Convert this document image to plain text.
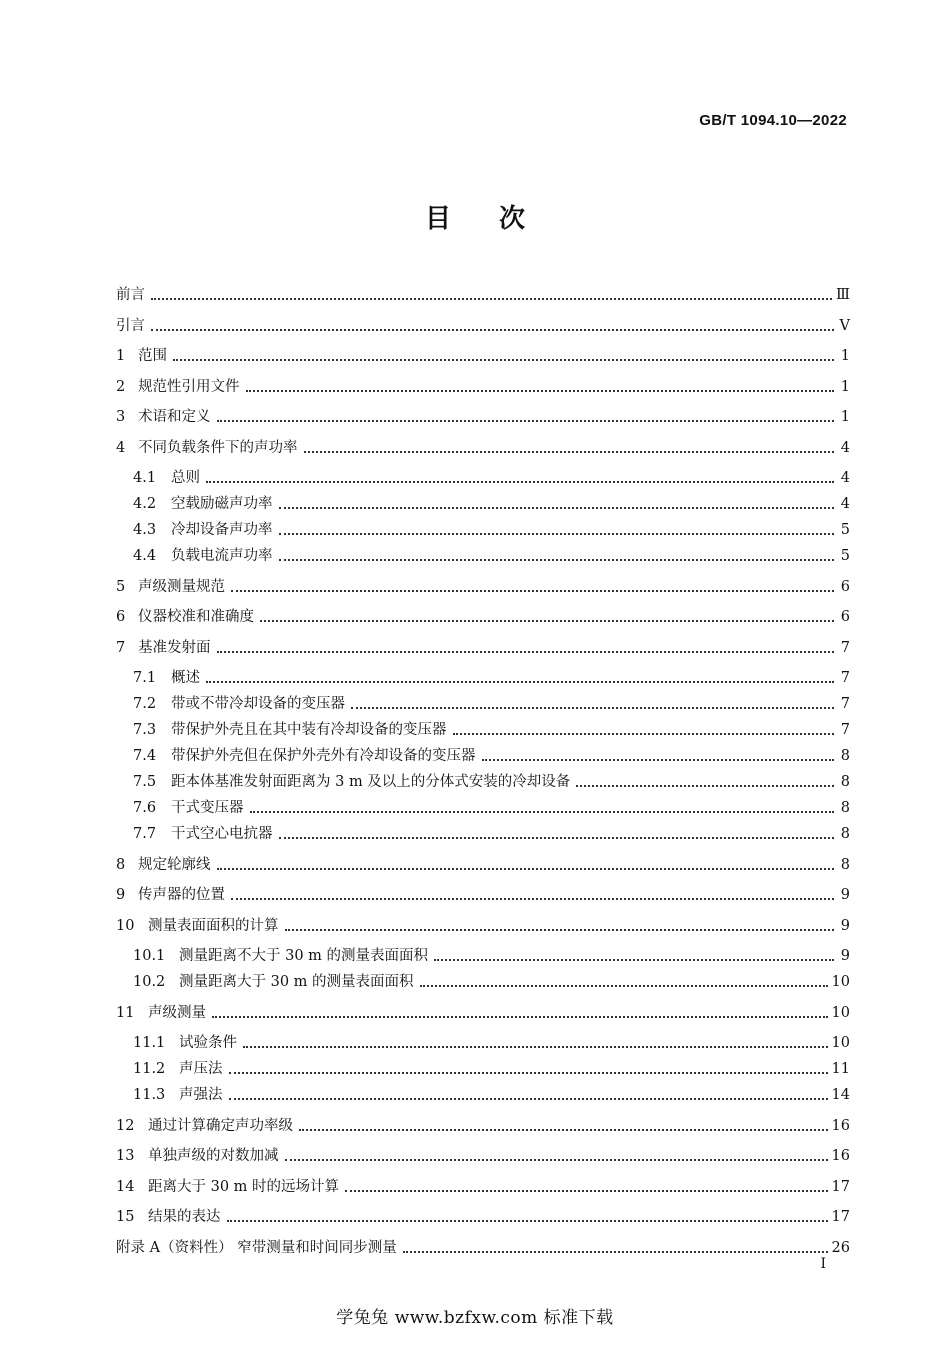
GB/T 1094.10—2022
目次
前言	Ⅲ
引言	Ⅴ
1 范围	1
2 规范性引用文件	1
3 术语和定义	1
4 不同负载条件下的声功率	4
4.1	总则	4
4.2	空载励磁声功率	4
4.3	冷却设备声功率	5
4.4	负载电流声功率	5
5 声级测量规范	6
6 仪器校准和准确度	6
7 基准发射面	7
7.1	概述	7
7.2	带或不带冷却设备的变压器	7
7.3	带保护外壳且在其中装有冷却设备的变压器	7
7.4	带保护外壳但在保护外壳外有冷却设备的变压器	8
7.5	距本体基准发射面距离为 3 m 及以上的分体式安装的冷却设备	8
7.6	干式变压器	8
7.7	干式空心电抗器	8
8 规定轮廓线	8
9 传声器的位置	9
10 测量表面面积的计算	9
10.1 测量距离不大于 30 m 的测量表面面积	9
10.2 测量距离大于 30 m 的测量表面面积	10
11 声级测量	10
11.1 试验条件	10
11.2 声压法	11
11.3 声强法	14
12 通过计算确定声功率级	16
13 单独声级的对数加减	16
14 距离大于 30 m 时的远场计算	17
15 结果的表达	17
附录 A（资料性） 窄带测量和时间同步测量	26
Ⅰ
学兔兔 www.bzfxw.com 标准下载
